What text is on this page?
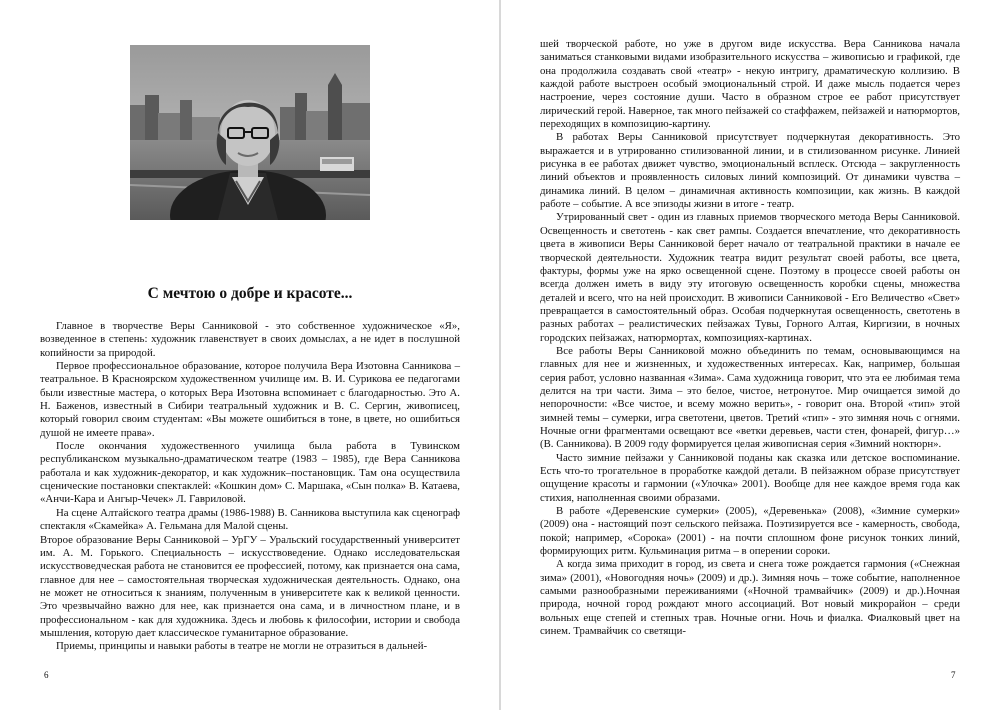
С мечтою о добре и красоте...

Главное в творчестве Веры Санниковой - это собственное художническое «Я», возведенное в степень: художник главенствует в своих домыслах, а не идет в послушной копийности за природой.

Первое профессиональное образование, которое получила Вера Изотовна Санникова – театральное. В Красноярском художественном училище им. В. И. Сурикова ее педагогами были известные мастера, о которых Вера Изотовна вспоминает с благодарностью. Это А. Н. Баженов, известный в Сибири театральный художник и В. С. Сергин, живописец, который говорил своим студентам: «Вы можете ошибиться в тоне, в цвете, но ошибиться душой не имеете права».

После окончания художественного училища была работа в Тувинском республиканском музыкально-драматическом театре (1983 – 1985), где Вера Санникова работала и как художник-декоратор, и как художник–постановщик. Там она осуществила сценические постановки спектаклей: «Кошкин дом» С. Маршака, «Сын полка» В. Катаева, «Анчи-Кара и Ангыр-Чечек» Л. Гавриловой.

На сцене Алтайского театра драмы (1986-1988) В. Санникова выступила как сценограф спектакля «Скамейка» А. Гельмана для Малой сцены.

Второе образование Веры Санниковой – УрГУ – Уральский государственный университет им. А. М. Горького. Специальность – искусствоведение. Однако исследовательская искусствоведческая работа не становится ее профессией, потому, как признается она сама, главное для нее – самостоятельная творческая художническая деятельность. Однако, она не может не относиться к знаниям, полученным в университете как к великой ценности. Это чрезвычайно важно для нее, как признается она сама, и в личностном плане, и в профессиональном - как для художника. Здесь и любовь к философии, истории и свобода мышления, которую дает классическое гуманитарное образование.

Приемы, принципы и навыки работы в театре не могли не отразиться в дальней-

6

шей творческой работе, но уже в другом виде искусства. Вера Санникова начала заниматься станковыми видами изобразительного искусства – живописью и графикой, где она продолжила создавать свой «театр» - некую интригу, драматическую коллизию. В каждой работе выстроен особый эмоциональный строй. И даже мысль подается через настроение, через состояние души. Часто в образном строе ее работ присутствует лирический герой. Наверное, так много пейзажей со стаффажем, пейзажей и натюрмортов, переходящих в композицию-картину.

В работах Веры Санниковой присутствует подчеркнутая декоративность. Это выражается и в утрированно стилизованной линии, и в стилизованном рисунке. Линией рисунка в ее работах движет чувство, эмоциональный всплеск. Отсюда – закругленность линий объектов и проявленность силовых линий композиций. От динамики чувства – динамика линий. В целом – динамичная активность композиции, как жизнь. В каждой работе – событие. А все эпизоды жизни в итоге - театр.

Утрированный свет - один из главных приемов творческого метода Веры Санниковой. Освещенность и светотень - как свет рампы. Создается впечатление, что декоративность цвета в живописи Веры Санниковой берет начало от театральной практики в начале ее творческой деятельности. Художник театра видит результат своей работы, все цвета, фактуры, формы уже на ярко освещенной сцене. Поэтому в процессе своей работы он всегда должен иметь в виду эту итоговую освещенность коробки сцены, множества деталей и всего, что на ней происходит. В живописи Санниковой - Его Величество «Свет» превращается в самостоятельный образ. Особая подчеркнутая освещенность, светотень в разных работах – реалистических пейзажах Тувы, Горного Алтая, Киргизии, в ночных городских пейзажах, натюрмортах, композициях-картинах.

Все работы Веры Санниковой можно объединить по темам, основывающимся на главных для нее и жизненных, и художественных интересах. Как, например, большая серия работ, условно названная «Зима». Сама художница говорит, что эта ее любимая тема делится на три части. Зима – это белое, чистое, нетронутое. Мир очищается зимой до непорочности: «Все чистое, и всему можно верить», - говорит она. Второй «тип» этой зимней темы – сумерки, игра светотени, цветов. Третий «тип» - это зимняя ночь с огнями. Ночные огни фрагментами освещают все «ветки деревьев, части стен, фонарей, фигур…» (В. Санникова). В 2009 году формируется целая живописная серия «Зимний ноктюрн».

Часто зимние пейзажи у Санниковой поданы как сказка или детское воспоминание. Есть что-то трогательное в проработке каждой детали. В пейзажном образе присутствует ощущение красоты и гармонии («Улочка» 2001). Вообще для нее каждое время года как стихия, наполненная своими образами.

В работе «Деревенские сумерки» (2005), «Деревенька» (2008), «Зимние сумерки» (2009) она - настоящий поэт сельского пейзажа. Поэтизируется все - камерность, свобода, покой; например, «Сорока» (2001) - на почти сплошном фоне рисунок тонких линий, формирующих ритм. Кульминация ритма – в оперении сороки.

А когда зима приходит в город, из света и снега тоже рождается гармония («Снежная зима» (2001), «Новогодняя ночь» (2009) и др.). Зимняя ночь – тоже событие, наполненное самыми разнообразными переживаниями («Ночной трамвайчик» (2009) и др.).Ночная природа, ночной город рождают много ассоциаций. Вот новый микрорайон – среди вольных еще степей и степных трав. Ночные огни. Ночь и фиалка. Фиалковый цвет на синем. Трамвайчик со светящи-

7
